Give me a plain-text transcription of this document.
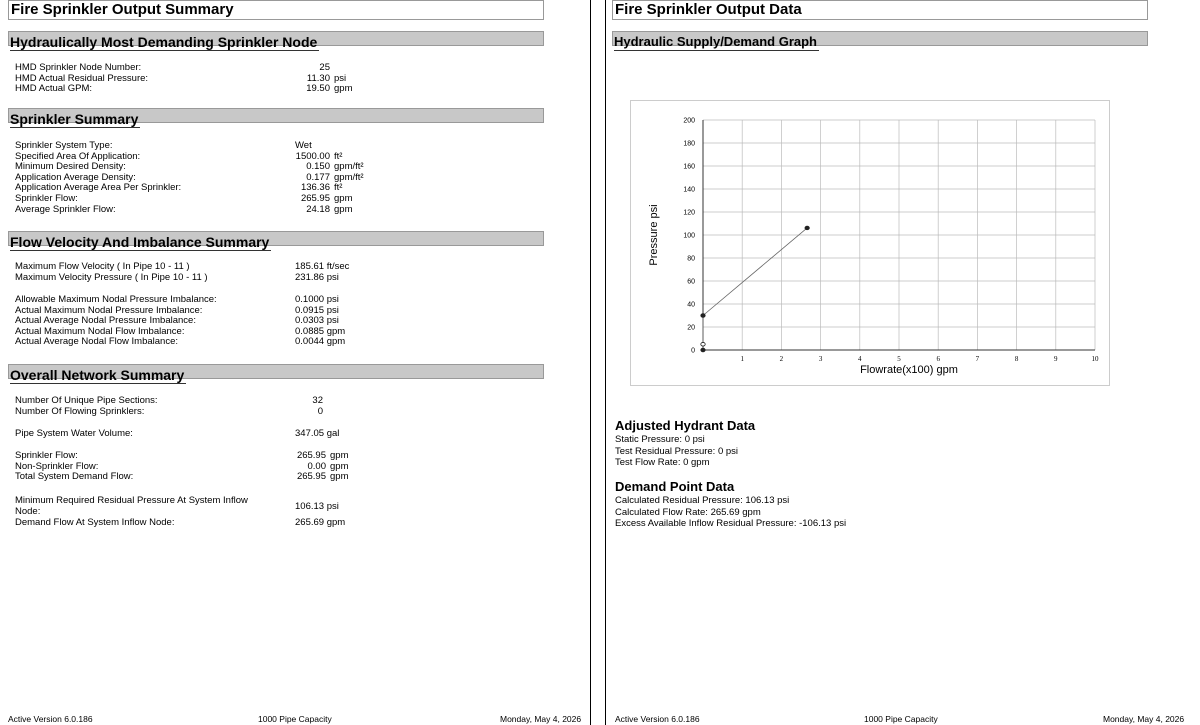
Fire Sprinkler Output Summary
Hydraulically Most Demanding Sprinkler Node
HMD Sprinkler Node Number:	25
HMD Actual Residual Pressure:	11.30 psi
HMD Actual GPM:	19.50 gpm
Sprinkler Summary
Sprinkler System Type:	Wet
Specified Area Of Application:	1500.00 ft²
Minimum Desired Density:	0.150 gpm/ft²
Application Average Density:	0.177 gpm/ft²
Application Average Area Per Sprinkler:	136.36 ft²
Sprinkler Flow:	265.95 gpm
Average Sprinkler Flow:	24.18 gpm
Flow Velocity And Imbalance Summary
Maximum Flow Velocity ( In Pipe 10 - 11 )	185.61 ft/sec
Maximum Velocity Pressure ( In Pipe 10 - 11 )	231.86 psi
Allowable Maximum Nodal Pressure Imbalance:	0.1000 psi
Actual Maximum Nodal Pressure Imbalance:	0.0915 psi
Actual Average Nodal Pressure Imbalance:	0.0303 psi
Actual Maximum Nodal Flow Imbalance:	0.0885 gpm
Actual Average Nodal Flow Imbalance:	0.0044 gpm
Overall Network Summary
Number Of Unique Pipe Sections:	32
Number Of Flowing Sprinklers:	0
Pipe System Water Volume:	347.05 gal
Sprinkler Flow:	265.95 gpm
Non-Sprinkler Flow:	0.00 gpm
Total System Demand Flow:	265.95 gpm
Minimum Required Residual Pressure At System Inflow
Node:	106.13 psi
Demand Flow At System Inflow Node:	265.69 gpm
Active Version 6.0.186	1000 Pipe Capacity	Monday, May 4, 2026
Fire Sprinkler Output Data
Hydraulic Supply/Demand Graph
0
20
40
60
80
100
120
140
160
180
200
1	2	3	4	5	6	7	8	9	10
Flowrate(x100) gpm
Pressure psi
Adjusted Hydrant Data
Static Pressure: 0 psi
Test Residual Pressure: 0 psi
Test Flow Rate: 0 gpm
Demand Point Data
Calculated Residual Pressure: 106.13 psi
Calculated Flow Rate: 265.69 gpm
Excess Available Inflow Residual Pressure: -106.13 psi
Active Version 6.0.186	1000 Pipe Capacity	Monday, May 4, 2026
